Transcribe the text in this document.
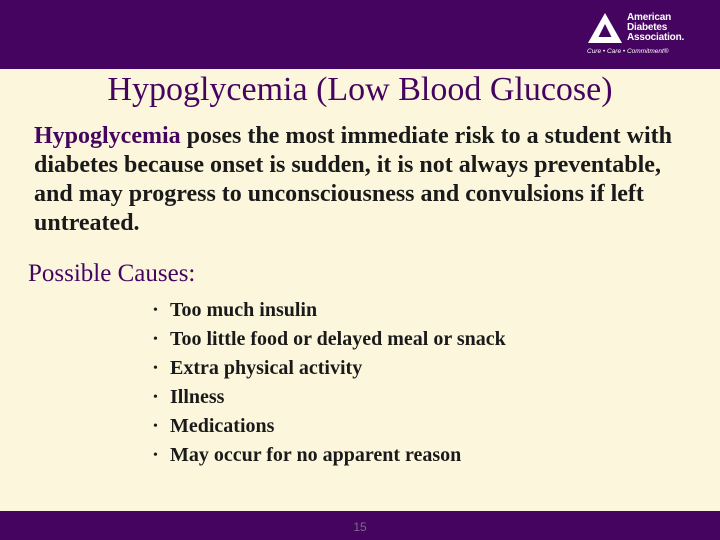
American
Diabetes
Association.
Cure • Care • Commitment®
Hypoglycemia (Low Blood Glucose)
Hypoglycemia poses the most immediate risk to a student with diabetes because onset is sudden, it is not always preventable, and may progress to unconsciousness and convulsions if left untreated.
Possible Causes:
• Too much insulin
• Too little food or delayed meal or snack
• Extra physical activity
• Illness
• Medications
• May occur for no apparent reason
15
